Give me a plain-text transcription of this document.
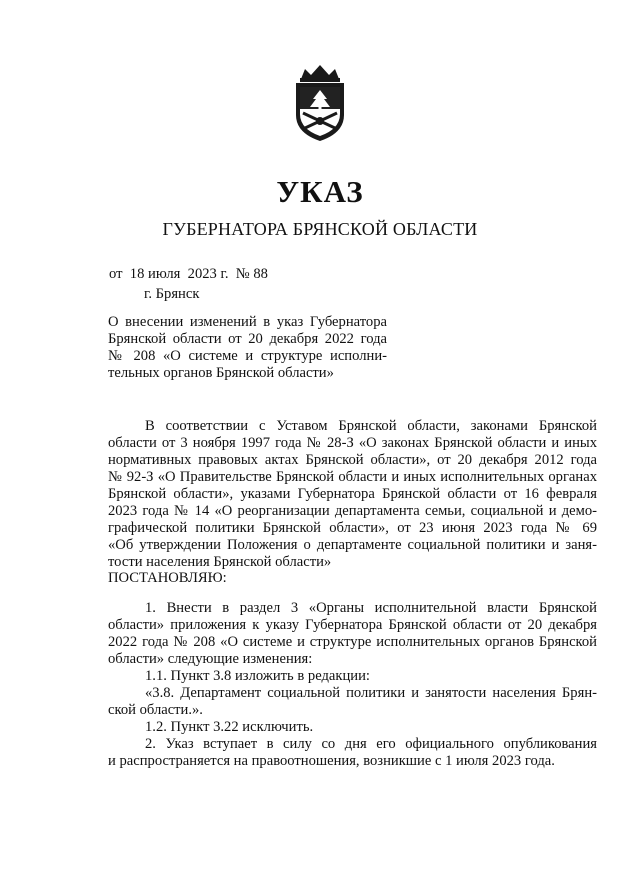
УКАЗ
ГУБЕРНАТОРА БРЯНСКОЙ ОБЛАСТИ
от  18 июля  2023 г.  № 88
г. Брянск
О внесении изменений в указ Губернатора
Брянской области от 20 декабря 2022 года
№ 208 «О системе и структуре исполни-
тельных органов Брянской области»
В соответствии с Уставом Брянской области, законами Брянской
области от 3 ноября 1997 года № 28-З «О законах Брянской области и иных
нормативных правовых актах Брянской области», от 20 декабря 2012 года
№ 92-З «О Правительстве Брянской области и иных исполнительных органах
Брянской области», указами Губернатора Брянской области от 16 февраля
2023 года № 14 «О реорганизации департамента семьи, социальной и демо-
графической политики Брянской области», от 23 июня 2023 года № 69
«Об утверждении Положения о департаменте социальной политики и заня-
тости населения Брянской области»
ПОСТАНОВЛЯЮ:
1. Внести в раздел 3 «Органы исполнительной власти Брянской
области» приложения к указу Губернатора Брянской области от 20 декабря
2022 года № 208 «О системе и структуре исполнительных органов Брянской
области» следующие изменения:
1.1. Пункт 3.8 изложить в редакции:
«3.8. Департамент социальной политики и занятости населения Брян-
ской области.».
1.2. Пункт 3.22 исключить.
2. Указ вступает в силу со дня его официального опубликования
и распространяется на правоотношения, возникшие с 1 июля 2023 года.
